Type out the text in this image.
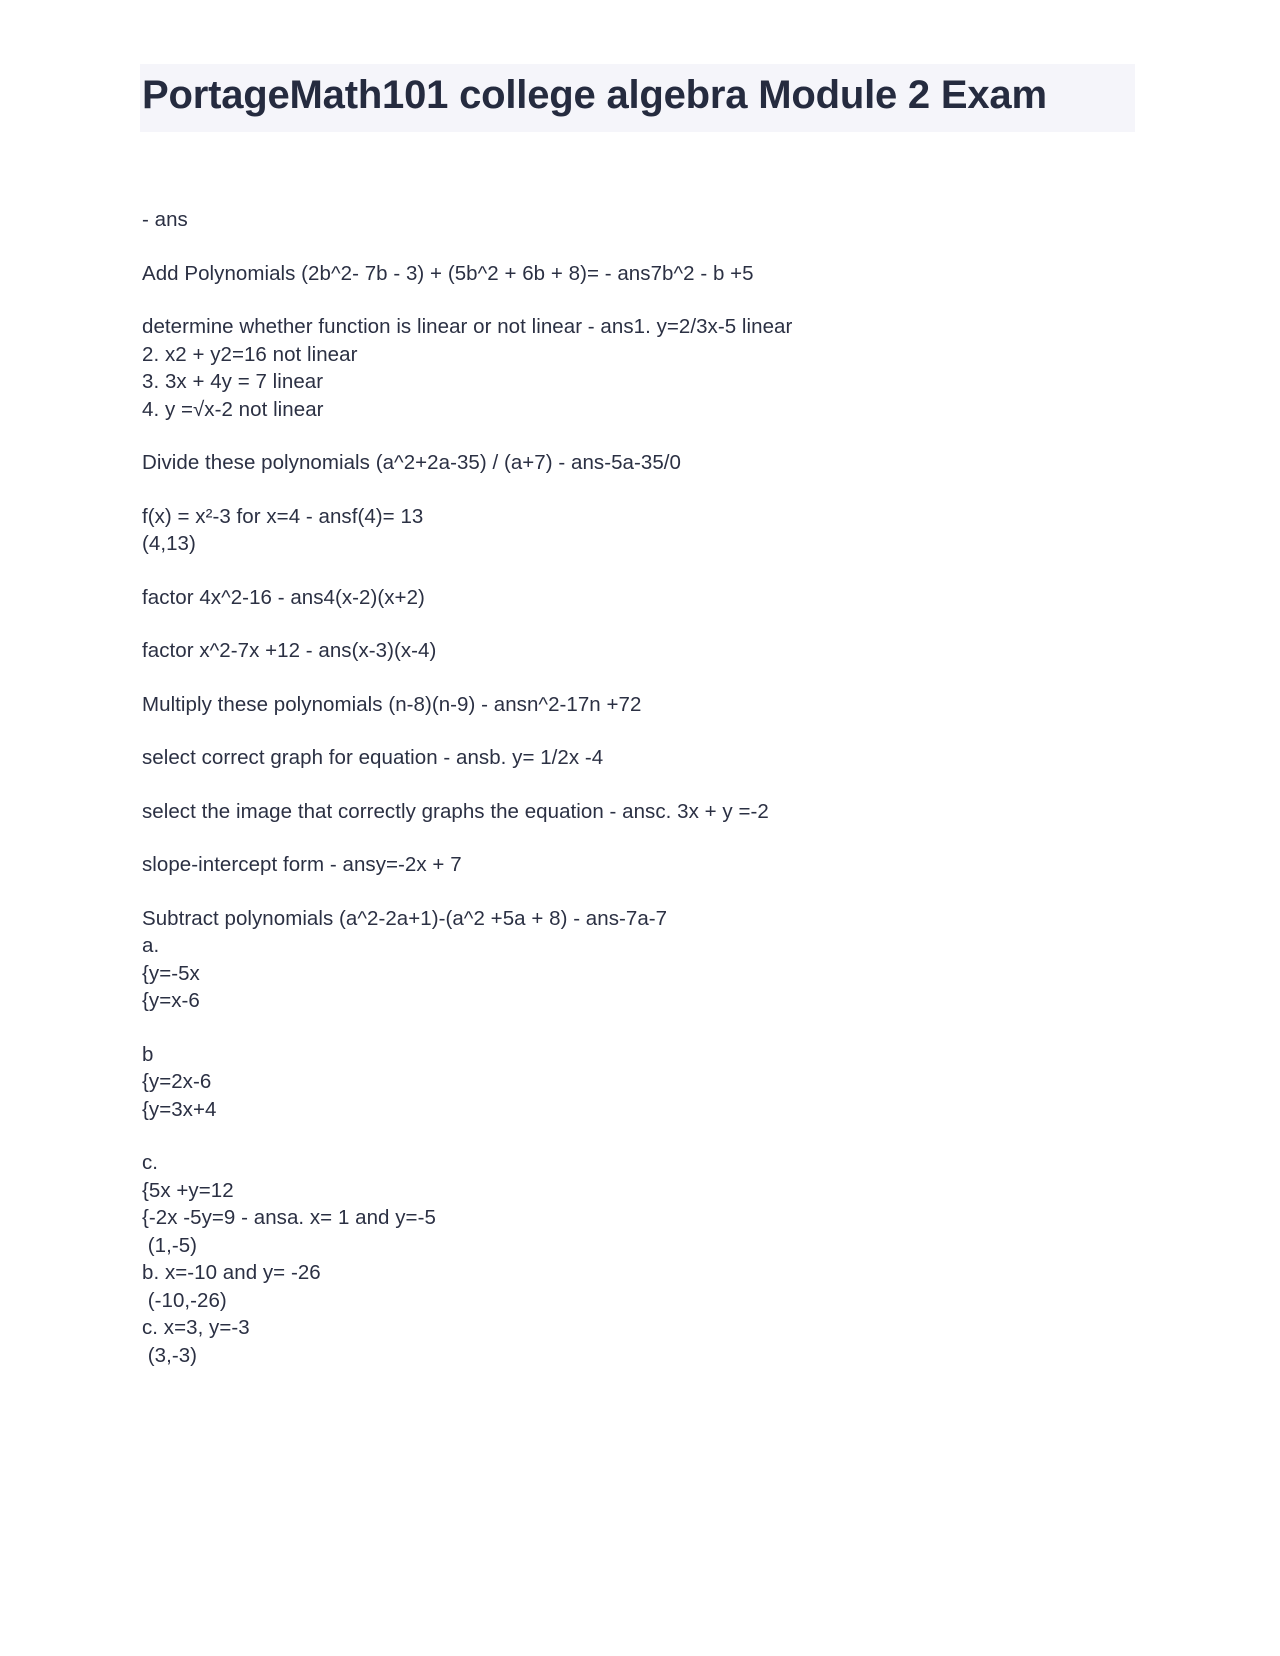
PortageMath101 college algebra Module 2 Exam

- ans

Add Polynomials (2b^2- 7b - 3) + (5b^2 + 6b + 8)= - ans7b^2 - b +5

determine whether function is linear or not linear - ans1. y=2/3x-5 linear
2. x2 + y2=16 not linear
3. 3x + 4y = 7 linear
4. y =√x-2 not linear

Divide these polynomials (a^2+2a-35) / (a+7) - ans-5a-35/0

f(x) = x²-3 for x=4 - ansf(4)= 13
(4,13)

factor 4x^2-16 - ans4(x-2)(x+2)

factor x^2-7x +12 - ans(x-3)(x-4)

Multiply these polynomials (n-8)(n-9) - ansn^2-17n +72

select correct graph for equation - ansb. y= 1/2x -4

select the image that correctly graphs the equation - ansc. 3x + y =-2

slope-intercept form - ansy=-2x + 7

Subtract polynomials (a^2-2a+1)-(a^2 +5a + 8) - ans-7a-7
a.
{y=-5x
{y=x-6

b
{y=2x-6
{y=3x+4

c.
{5x +y=12
{-2x -5y=9 - ansa. x= 1 and y=-5
(1,-5)
b. x=-10 and y= -26
(-10,-26)
c. x=3, y=-3
(3,-3)
